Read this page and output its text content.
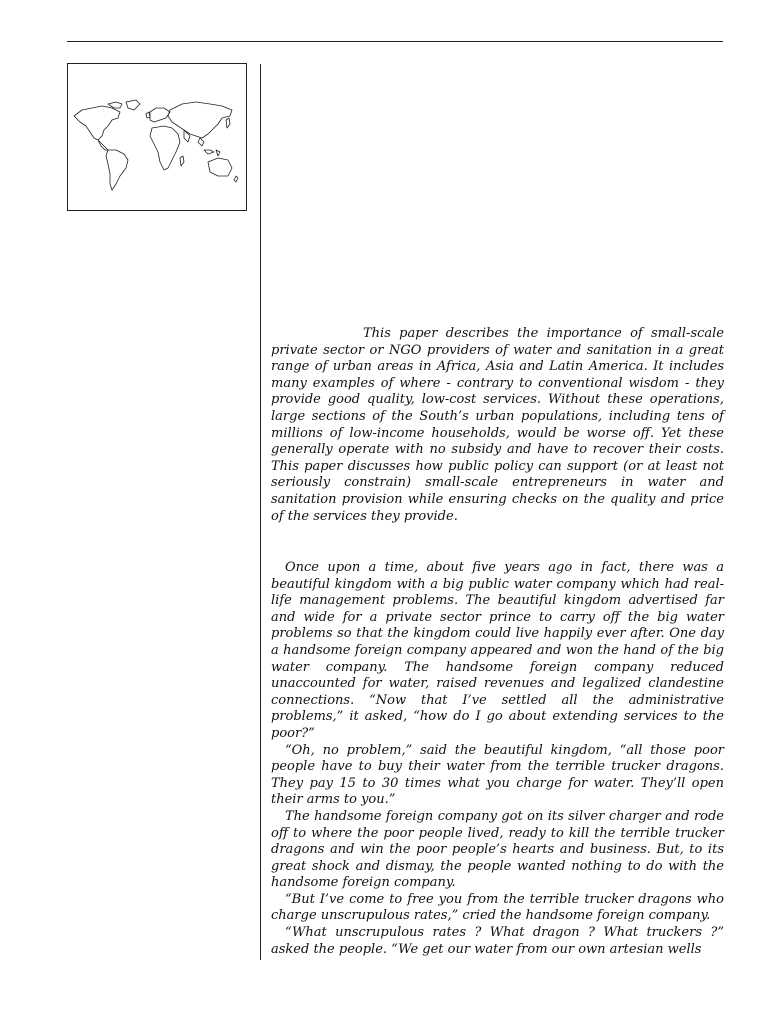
This paper describes the importance of small-scale private sector or NGO providers of water and sanitation in a great range of urban areas in Africa, Asia and Latin America. It includes many examples of where - contrary to conventional wisdom - they provide good quality, low-cost services. Without these operations, large sections of the South’s urban populations, including tens of millions of low-income households, would be worse off. Yet these generally operate with no subsidy and have to recover their costs. This paper discusses how public policy can support (or at least not seriously constrain) small-scale entrepreneurs in water and sanitation provision while ensuring checks on the quality and price of the services they provide.

Once upon a time, about five years ago in fact, there was a beautiful kingdom with a big public water company which had real-life management problems. The beautiful kingdom advertised far and wide for a private sector prince to carry off the big water problems so that the kingdom could live happily ever after. One day a handsome foreign company appeared and won the hand of the big water company. The handsome foreign company reduced unaccounted for water, raised revenues and legalized clandestine connections. “Now that I’ve settled all the administrative problems,” it asked, “how do I go about extending services to the poor?”

“Oh, no problem,” said the beautiful kingdom, “all those poor people have to buy their water from the terrible trucker dragons. They pay 15 to 30 times what you charge for water. They’ll open their arms to you.”

The handsome foreign company got on its silver charger and rode off to where the poor people lived, ready to kill the terrible trucker dragons and win the poor people’s hearts and business. But, to its great shock and dismay, the people wanted nothing to do with the handsome foreign company.

“But I’ve come to free you from the terrible trucker dragons who charge unscrupulous rates,” cried the handsome foreign company.

“What unscrupulous rates ? What dragon ? What truckers ?” asked the people. “We get our water from our own artesian wells
